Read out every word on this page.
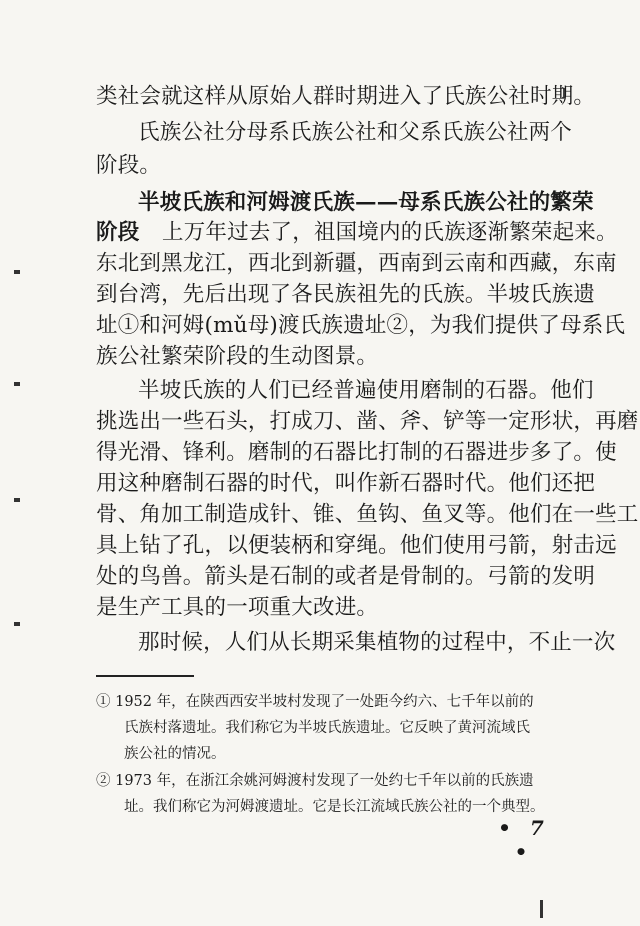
类社会就这样从原始人群时期进入了氏族公社时期。
氏族公社分母系氏族公社和父系氏族公社两个
阶段。
半坡氏族和河姆渡氏族——母系氏族公社的繁荣
阶段	上万年过去了，祖国境内的氏族逐渐繁荣起来。
东北到黑龙江，西北到新疆，西南到云南和西藏，东南
到台湾，先后出现了各民族祖先的氏族。半坡氏族遗
址①和河姆(mǔ母)渡氏族遗址②，为我们提供了母系氏
族公社繁荣阶段的生动图景。
半坡氏族的人们已经普遍使用磨制的石器。他们
挑选出一些石头，打成刀、凿、斧、铲等一定形状，再磨
得光滑、锋利。磨制的石器比打制的石器进步多了。使
用这种磨制石器的时代，叫作新石器时代。他们还把
骨、角加工制造成针、锥、鱼钩、鱼叉等。他们在一些工
具上钻了孔，以便装柄和穿绳。他们使用弓箭，射击远
处的鸟兽。箭头是石制的或者是骨制的。弓箭的发明
是生产工具的一项重大改进。
那时候，人们从长期采集植物的过程中，不止一次
① 1952 年，在陕西西安半坡村发现了一处距今约六、七千年以前的
氏族村落遗址。我们称它为半坡氏族遗址。它反映了黄河流域氏
族公社的情况。
② 1973 年，在浙江余姚河姆渡村发现了一处约七千年以前的氏族遗
址。我们称它为河姆渡遗址。它是长江流域氏族公社的一个典型。
• 7 •
